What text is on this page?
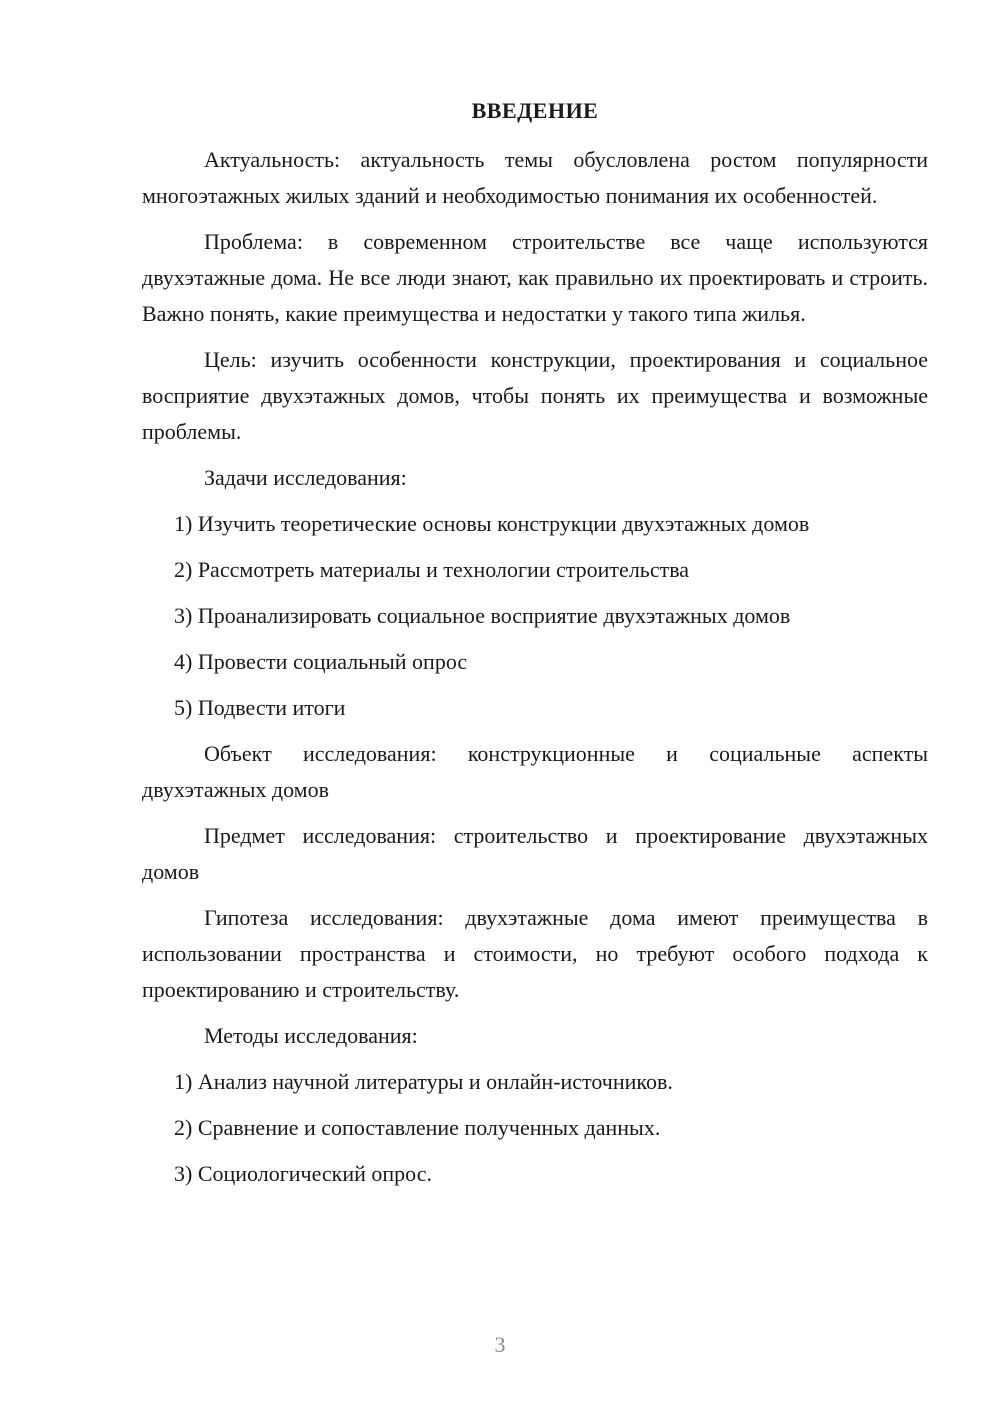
ВВЕДЕНИЕ

Актуальность: актуальность темы обусловлена ростом популярности многоэтажных жилых зданий и необходимостью понимания их особенностей.

Проблема: в современном строительстве все чаще используются двухэтажные дома. Не все люди знают, как правильно их проектировать и строить. Важно понять, какие преимущества и недостатки у такого типа жилья.

Цель: изучить особенности конструкции, проектирования и социальное восприятие двухэтажных домов, чтобы понять их преимущества и возможные проблемы.

Задачи исследования:

1) Изучить теоретические основы конструкции двухэтажных домов
2) Рассмотреть материалы и технологии строительства
3) Проанализировать социальное восприятие двухэтажных домов
4) Провести социальный опрос
5) Подвести итоги

Объект исследования: конструкционные и социальные аспекты двухэтажных домов

Предмет исследования: строительство и проектирование двухэтажных домов

Гипотеза исследования: двухэтажные дома имеют преимущества в использовании пространства и стоимости, но требуют особого подхода к проектированию и строительству.

Методы исследования:

1) Анализ научной литературы и онлайн-источников.
2) Сравнение и сопоставление полученных данных.
3) Социологический опрос.
3
